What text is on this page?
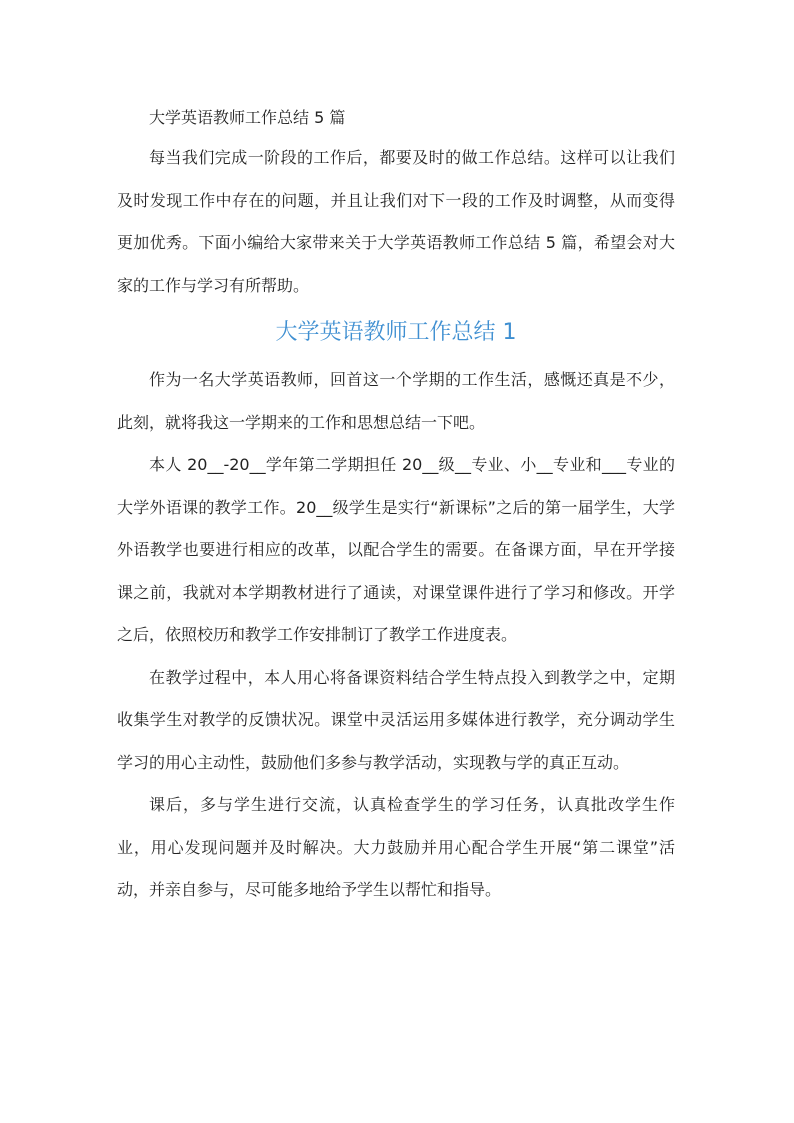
大学英语教师工作总结 5 篇

每当我们完成一阶段的工作后，都要及时的做工作总结。这样可以让我们及时发现工作中存在的问题，并且让我们对下一段的工作及时调整，从而变得更加优秀。下面小编给大家带来关于大学英语教师工作总结 5 篇，希望会对大家的工作与学习有所帮助。

大学英语教师工作总结 1

作为一名大学英语教师，回首这一个学期的工作生活，感慨还真是不少，此刻，就将我这一学期来的工作和思想总结一下吧。

本人 20__-20__学年第二学期担任 20__级__专业、小__专业和___专业的大学外语课的教学工作。20__级学生是实行“新课标”之后的第一届学生，大学外语教学也要进行相应的改革，以配合学生的需要。在备课方面，早在开学接课之前，我就对本学期教材进行了通读，对课堂课件进行了学习和修改。开学之后，依照校历和教学工作安排制订了教学工作进度表。

在教学过程中，本人用心将备课资料结合学生特点投入到教学之中，定期收集学生对教学的反馈状况。课堂中灵活运用多媒体进行教学，充分调动学生学习的用心主动性，鼓励他们多参与教学活动，实现教与学的真正互动。

课后，多与学生进行交流，认真检查学生的学习任务，认真批改学生作业，用心发现问题并及时解决。大力鼓励并用心配合学生开展“第二课堂”活动，并亲自参与，尽可能多地给予学生以帮忙和指导。
